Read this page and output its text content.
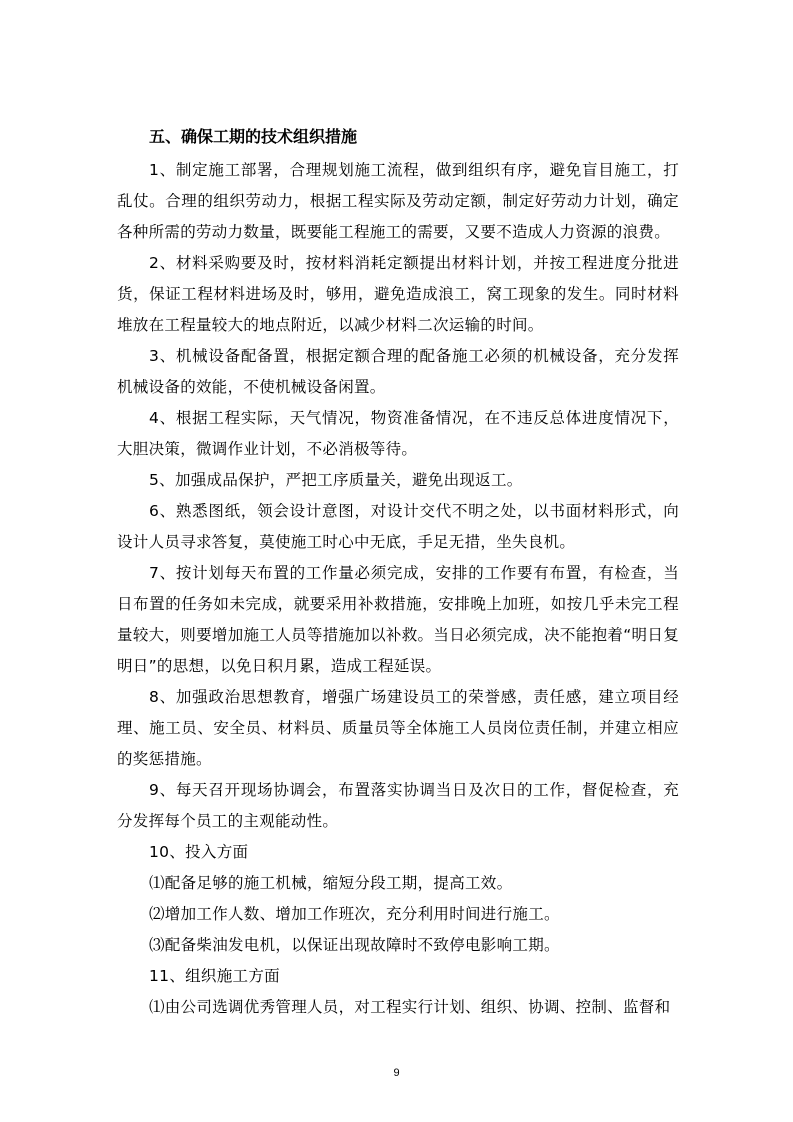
五、确保工期的技术组织措施

1、制定施工部署，合理规划施工流程，做到组织有序，避免盲目施工，打乱仗。合理的组织劳动力，根据工程实际及劳动定额，制定好劳动力计划，确定各种所需的劳动力数量，既要能工程施工的需要，又要不造成人力资源的浪费。

2、材料采购要及时，按材料消耗定额提出材料计划，并按工程进度分批进货，保证工程材料进场及时，够用，避免造成浪工，窝工现象的发生。同时材料堆放在工程量较大的地点附近，以减少材料二次运输的时间。

3、机械设备配备置，根据定额合理的配备施工必须的机械设备，充分发挥机械设备的效能，不使机械设备闲置。

4、根据工程实际，天气情况，物资准备情况，在不违反总体进度情况下，大胆决策，微调作业计划，不必消极等待。

5、加强成品保护，严把工序质量关，避免出现返工。

6、熟悉图纸，领会设计意图，对设计交代不明之处，以书面材料形式，向设计人员寻求答复，莫使施工时心中无底，手足无措，坐失良机。

7、按计划每天布置的工作量必须完成，安排的工作要有布置，有检查，当日布置的任务如未完成，就要采用补救措施，安排晚上加班，如按几乎未完工程量较大，则要增加施工人员等措施加以补救。当日必须完成，决不能抱着“明日复明日”的思想，以免日积月累，造成工程延误。

8、加强政治思想教育，增强广场建设员工的荣誉感，责任感，建立项目经理、施工员、安全员、材料员、质量员等全体施工人员岗位责任制，并建立相应的奖惩措施。

9、每天召开现场协调会，布置落实协调当日及次日的工作，督促检查，充分发挥每个员工的主观能动性。

10、投入方面

⑴配备足够的施工机械，缩短分段工期，提高工效。

⑵增加工作人数、增加工作班次，充分利用时间进行施工。

⑶配备柴油发电机，以保证出现故障时不致停电影响工期。

11、组织施工方面

⑴由公司选调优秀管理人员，对工程实行计划、组织、协调、控制、监督和

9
